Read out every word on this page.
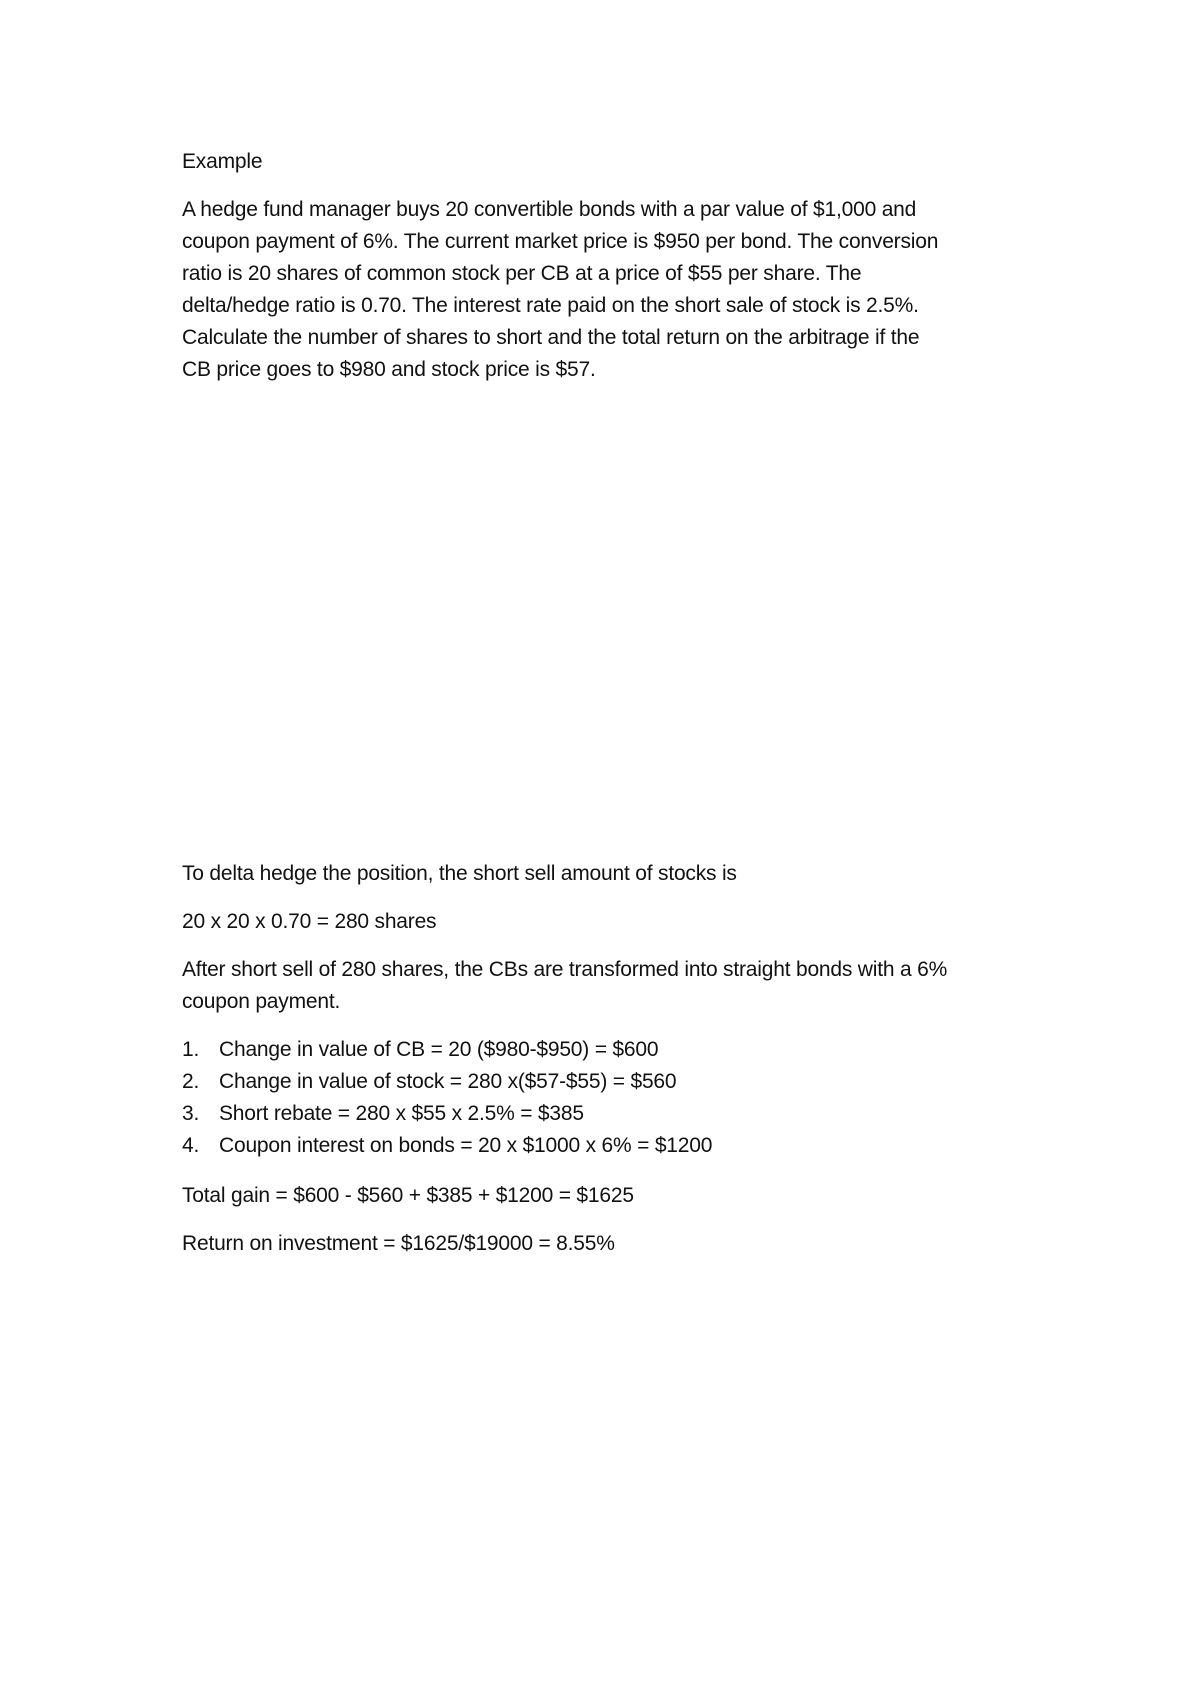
Example
A hedge fund manager buys 20 convertible bonds with a par value of $1,000 and
coupon payment of 6%. The current market price is $950 per bond. The conversion
ratio is 20 shares of common stock per CB at a price of $55 per share. The
delta/hedge ratio is 0.70. The interest rate paid on the short sale of stock is 2.5%.
Calculate the number of shares to short and the total return on the arbitrage if the
CB price goes to $980 and stock price is $57.
To delta hedge the position, the short sell amount of stocks is
20 x 20 x 0.70 = 280 shares
After short sell of 280 shares, the CBs are transformed into straight bonds with a 6%
coupon payment.
1. Change in value of CB = 20 ($980-$950) = $600
2. Change in value of stock = 280 x($57-$55) = $560
3. Short rebate = 280 x $55 x 2.5% = $385
4. Coupon interest on bonds = 20 x $1000 x 6% = $1200
Total gain = $600 - $560 + $385 + $1200 = $1625
Return on investment = $1625/$19000 = 8.55%
